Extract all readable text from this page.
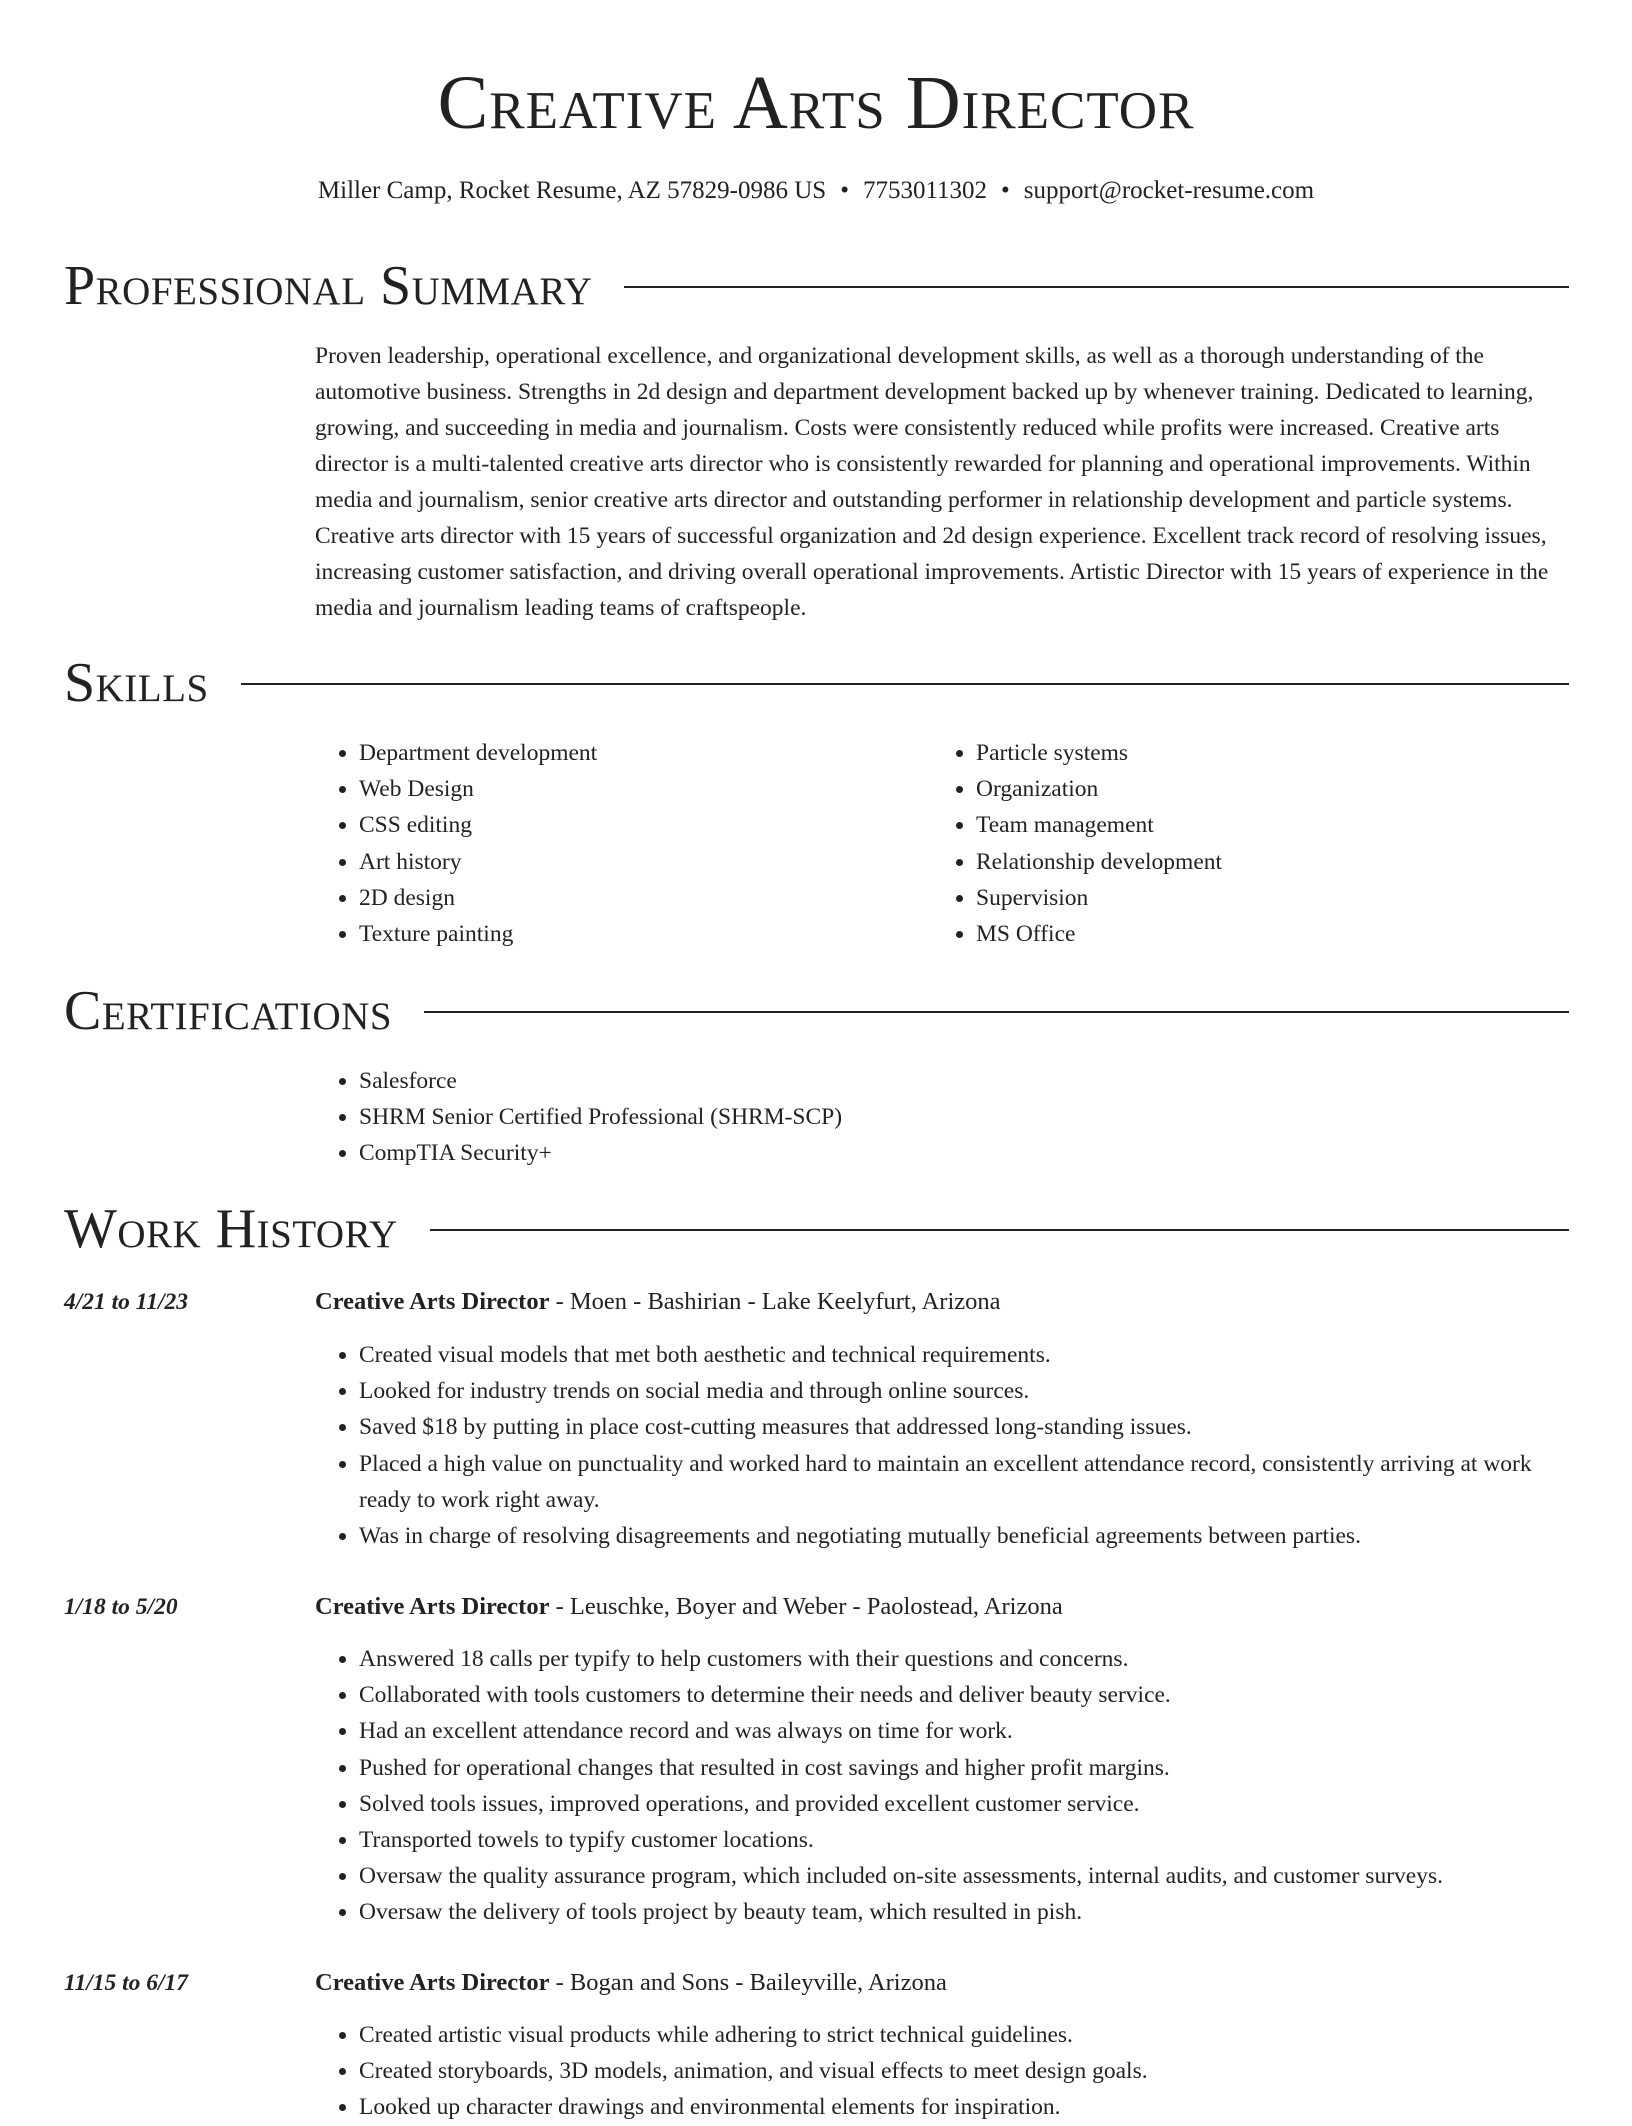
Creative Arts Director
Miller Camp, Rocket Resume, AZ 57829-0986 US • 7753011302 • support@rocket-resume.com
Professional Summary

Proven leadership, operational excellence, and organizational development skills, as well as a thorough understanding of the automotive business. Strengths in 2d design and department development backed up by whenever training. Dedicated to learning, growing, and succeeding in media and journalism. Costs were consistently reduced while profits were increased. Creative arts director is a multi-talented creative arts director who is consistently rewarded for planning and operational improvements. Within media and journalism, senior creative arts director and outstanding performer in relationship development and particle systems. Creative arts director with 15 years of successful organization and 2d design experience. Excellent track record of resolving issues, increasing customer satisfaction, and driving overall operational improvements. Artistic Director with 15 years of experience in the media and journalism leading teams of craftspeople.

Skills
• Department development
• Web Design
• CSS editing
• Art history
• 2D design
• Texture painting
• Particle systems
• Organization
• Team management
• Relationship development
• Supervision
• MS Office
Certifications
• Salesforce
• SHRM Senior Certified Professional (SHRM-SCP)
• CompTIA Security+
Work History
4/21 to 11/23	Creative Arts Director - Moen - Bashirian - Lake Keelyfurt, Arizona
• Created visual models that met both aesthetic and technical requirements.
• Looked for industry trends on social media and through online sources.
• Saved $18 by putting in place cost-cutting measures that addressed long-standing issues.
• Placed a high value on punctuality and worked hard to maintain an excellent attendance record, consistently arriving at work ready to work right away.
• Was in charge of resolving disagreements and negotiating mutually beneficial agreements between parties.
1/18 to 5/20	Creative Arts Director - Leuschke, Boyer and Weber - Paolostead, Arizona
• Answered 18 calls per typify to help customers with their questions and concerns.
• Collaborated with tools customers to determine their needs and deliver beauty service.
• Had an excellent attendance record and was always on time for work.
• Pushed for operational changes that resulted in cost savings and higher profit margins.
• Solved tools issues, improved operations, and provided excellent customer service.
• Transported towels to typify customer locations.
• Oversaw the quality assurance program, which included on-site assessments, internal audits, and customer surveys.
• Oversaw the delivery of tools project by beauty team, which resulted in pish.
11/15 to 6/17	Creative Arts Director - Bogan and Sons - Baileyville, Arizona
• Created artistic visual products while adhering to strict technical guidelines.
• Created storyboards, 3D models, animation, and visual effects to meet design goals.
• Looked up character drawings and environmental elements for inspiration.
